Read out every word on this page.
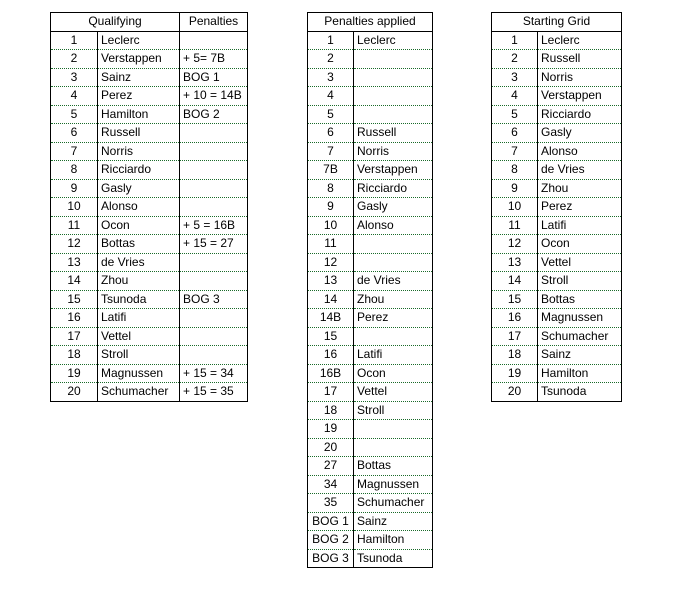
Qualifying		Penalties
1	Leclerc	
2	Verstappen	+ 5= 7B
3	Sainz	BOG 1
4	Perez	+ 10 = 14B
5	Hamilton	BOG 2
6	Russell	
7	Norris	
8	Ricciardo	
9	Gasly	
10	Alonso	
11	Ocon	+ 5 = 16B
12	Bottas	+ 15 = 27
13	de Vries	
14	Zhou	
15	Tsunoda	BOG 3
16	Latifi	
17	Vettel	
18	Stroll	
19	Magnussen	+ 15 = 34
20	Schumacher	+ 15 = 35
Penalties applied	
1	Leclerc
2	
3	
4	
5	
6	Russell
7	Norris
7B	Verstappen
8	Ricciardo
9	Gasly
10	Alonso
11	
12	
13	de Vries
14	Zhou
14B	Perez
15	
16	Latifi
16B	Ocon
17	Vettel
18	Stroll
19	
20	
27	Bottas
34	Magnussen
35	Schumacher
BOG 1	Sainz
BOG 2	Hamilton
BOG 3	Tsunoda
Starting Grid	
1	Leclerc
2	Russell
3	Norris
4	Verstappen
5	Ricciardo
6	Gasly
7	Alonso
8	de Vries
9	Zhou
10	Perez
11	Latifi
12	Ocon
13	Vettel
14	Stroll
15	Bottas
16	Magnussen
17	Schumacher
18	Sainz
19	Hamilton
20	Tsunoda
